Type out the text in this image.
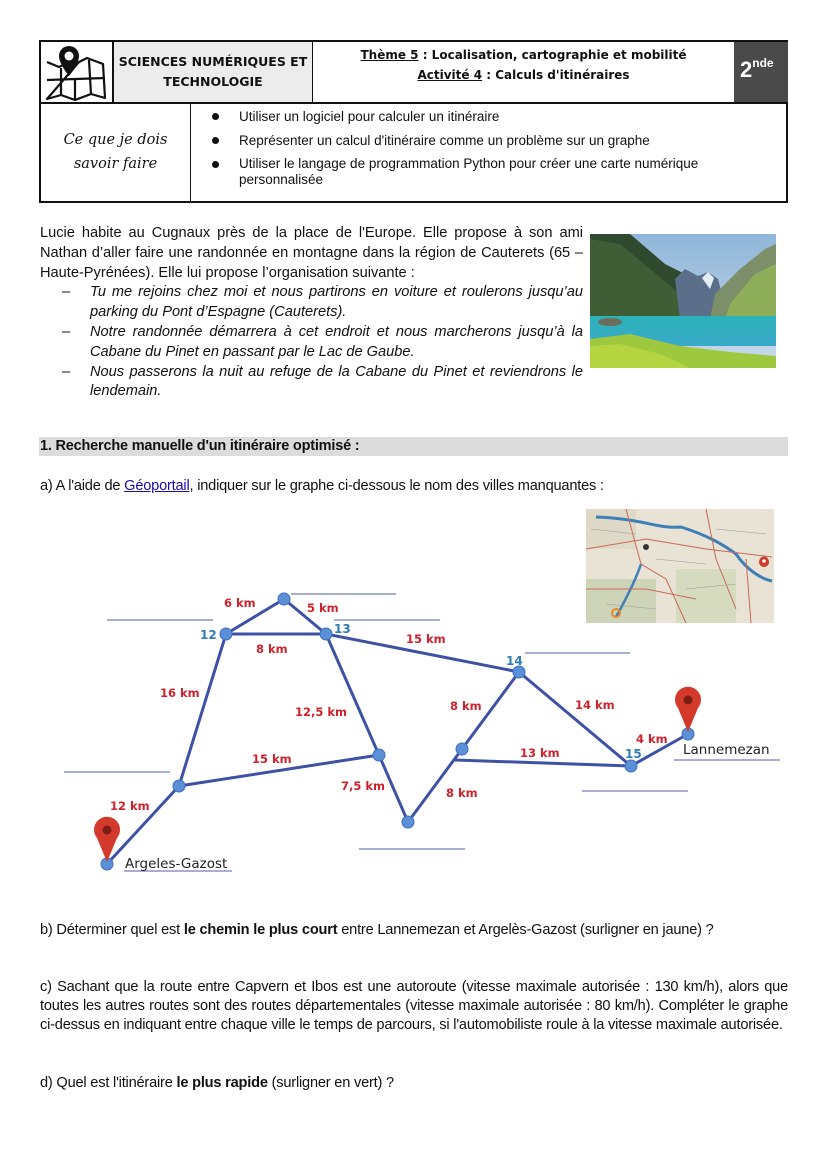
SCIENCES NUMÉRIQUES ET
TECHNOLOGIE
Thème 5 : Localisation, cartographie et mobilité
Activité 4 : Calculs d'itinéraires	2nde
Ce que je dois
savoir faire
Utiliser un logiciel pour calculer un itinéraire
Représenter un calcul d'itinéraire comme un problème sur un graphe
Utiliser le langage de programmation Python pour créer une carte numérique personnalisée

Lucie habite au Cugnaux près de la place de l'Europe. Elle propose à son ami Nathan d’aller faire une randonnée en montagne dans la région de Cauterets (65 – Haute-Pyrénées). Elle lui propose l’organisation suivante :

– Tu me rejoins chez moi et nous partirons en voiture et roulerons jusqu’au parking du Pont d’Espagne (Cauterets).
– Notre randonnée démarrera à cet endroit et nous marcherons jusqu’à la Cabane du Pinet en passant par le Lac de Gaube.
– Nous passerons la nuit au refuge de la Cabane du Pinet et reviendrons le lendemain.
1. Recherche manuelle d'un itinéraire optimisé :
a) A l'aide de Géoportail, indiquer sur le graphe ci-dessous le nom des villes manquantes :
12	13
14
15
12 km
16 km
15 km
6 km	5 km
8 km
12,5 km
15 km
7,5 km	8 km
8 km	14 km
13 km
4 km
Argeles-Gazost
Lannemezan
b) Déterminer quel est le chemin le plus court entre Lannemezan et Argelès-Gazost (surligner en jaune) ?
c) Sachant que la route entre Capvern et Ibos est une autoroute (vitesse maximale autorisée : 130 km/h), alors que toutes les autres routes sont des routes départementales (vitesse maximale autorisée : 80 km/h). Compléter le graphe ci-dessus en indiquant entre chaque ville le temps de parcours, si l'automobiliste roule à la vitesse maximale autorisée.
d) Quel est l'itinéraire le plus rapide (surligner en vert) ?
